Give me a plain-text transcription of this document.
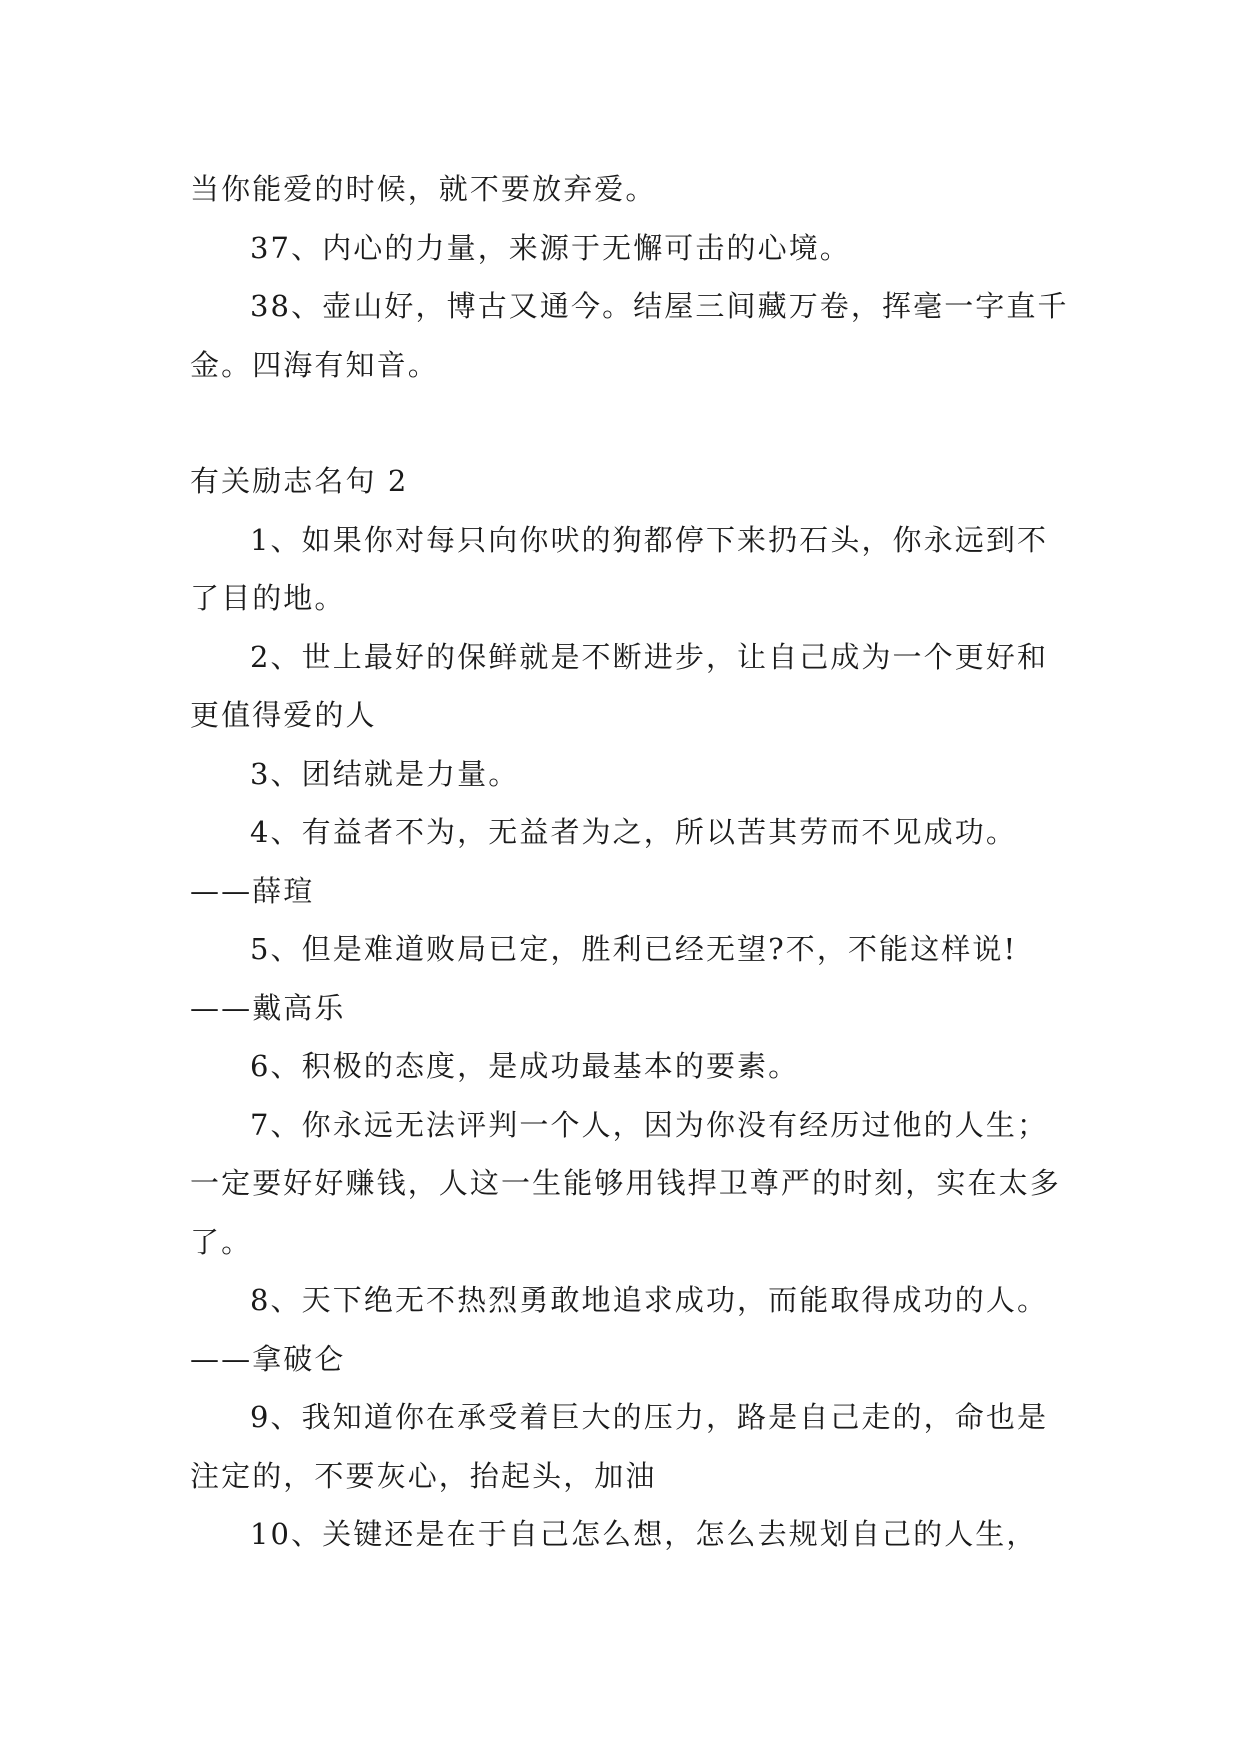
当你能爱的时候，就不要放弃爱。

37、内心的力量，来源于无懈可击的心境。

38、壶山好，博古又通今。结屋三间藏万卷，挥毫一字直千金。四海有知音。

有关励志名句 2

1、如果你对每只向你吠的狗都停下来扔石头，你永远到不了目的地。

2、世上最好的保鲜就是不断进步，让自己成为一个更好和更值得爱的人

3、团结就是力量。

4、有益者不为，无益者为之，所以苦其劳而不见成功。——薛瑄

5、但是难道败局已定，胜利已经无望?不，不能这样说!——戴高乐

6、积极的态度，是成功最基本的要素。

7、你永远无法评判一个人，因为你没有经历过他的人生；一定要好好赚钱，人这一生能够用钱捍卫尊严的时刻，实在太多了。

8、天下绝无不热烈勇敢地追求成功，而能取得成功的人。——拿破仑

9、我知道你在承受着巨大的压力，路是自己走的，命也是注定的，不要灰心，抬起头，加油

10、关键还是在于自己怎么想，怎么去规划自己的人生，
